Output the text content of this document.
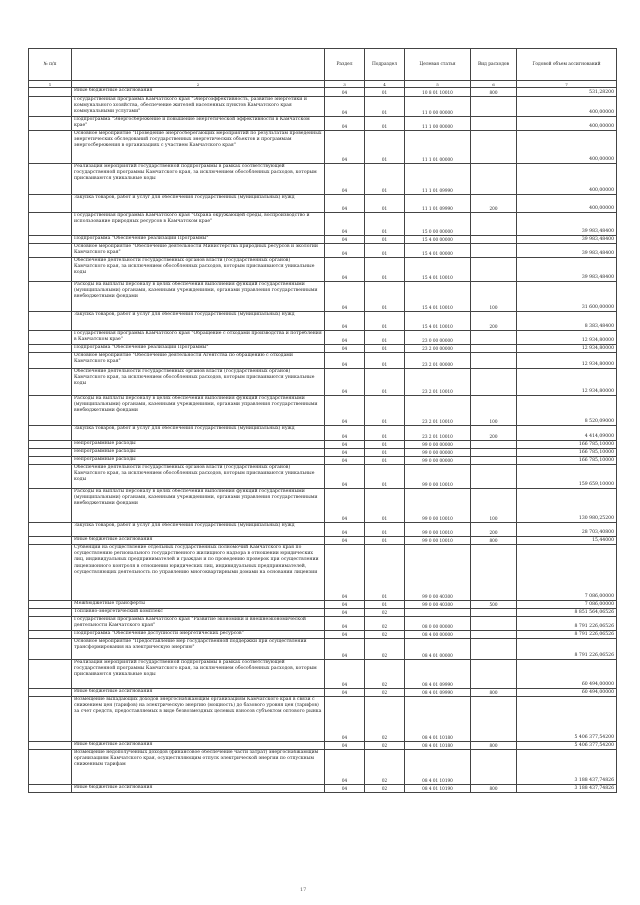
№ п/п		Раздел	Подраздел	Целевая статья	Вид расходов	Годовой объем ассигнований
1	2	3	4	5	6	7
	Иные бюджетные ассигнования	04	01	10 8 01 10010	800	531,28200
	Государственная программа Камчатского края "Энергоэффективность, развитие энергетики и коммунального хозяйства, обеспечение жителей населенных пунктов Камчатского края коммунальными услугами"	04	01	11 0 00 00000		400,00000
	Подпрограмма "Энергосбережение и повышение энергетической эффективности в Камчатском крае"	04	01	11 1 00 00000		400,00000
	Основное мероприятие "Проведение энергосберегающих мероприятий по результатам проведенных энергетических обследований государственных энергетических объектов и программам энергосбережения в организациях с участием Камчатского края"	04	01	11 1 01 00000		400,00000
	Реализация мероприятий государственной подпрограммы в рамках соответствующей государственной программы Камчатского края, за исключением обособленных расходов, которым присваиваются уникальные коды	04	01	11 1 01 09990		400,00000
	Закупка товаров, работ и услуг для обеспечения государственных (муниципальных) нужд	04	01	11 1 01 09990	200	400,00000
	Государственная программа Камчатского края "Охрана окружающей среды, воспроизводство и использование природных ресурсов в Камчатском крае"	04	01	15 0 00 00000		39 983,48400
	Подпрограмма "Обеспечение реализации Программы"	04	01	15 4 00 00000		39 983,48400
	Основное мероприятие "Обеспечение деятельности Министерства природных ресурсов и экологии Камчатского края"	04	01	15 4 01 00000		39 983,48400
	Обеспечение деятельности государственных органов власти (государственных органов) Камчатского края, за исключением обособленных расходов, которым присваиваются уникальные коды	04	01	15 4 01 10010		39 983,48400
	Расходы на выплаты персоналу в целях обеспечения выполнения функций государственными (муниципальными) органами, казенными учреждениями, органами управления государственными внебюджетными фондами	04	01	15 4 01 10010	100	31 600,00000
	Закупка товаров, работ и услуг для обеспечения государственных (муниципальных) нужд	04	01	15 4 01 10010	200	8 383,48400
	Государственная программа Камчатского края "Обращение с отходами производства и потребления в Камчатском крае"	04	01	23 0 00 00000		12 934,80000
	Подпрограмма "Обеспечение реализации Программы"	04	01	23 2 00 00000		12 934,80000
	Основное мероприятие "Обеспечение деятельности Агентства по обращению с отходами Камчатского края"	04	01	23 2 01 00000		12 934,80000
	Обеспечение деятельности государственных органов власти (государственных органов) Камчатского края, за исключением обособленных расходов, которым присваиваются уникальные коды	04	01	23 2 01 10010		12 934,80000
	Расходы на выплаты персоналу в целях обеспечения выполнения функций государственными (муниципальными) органами, казенными учреждениями, органами управления государственными внебюджетными фондами	04	01	23 2 01 10010	100	8 520,09000
	Закупка товаров, работ и услуг для обеспечения государственных (муниципальных) нужд	04	01	23 2 01 10010	200	4 414,09000
	Непрограммные расходы	04	01	99 0 00 00000		166 785,10000
	Непрограммные расходы	04	01	99 0 00 00000		166 785,10000
	Непрограммные расходы	04	01	99 0 00 00000		166 785,10000
	Обеспечение деятельности государственных органов власти (государственных органов) Камчатского края, за исключением обособленных расходов, которым присваиваются уникальные коды	04	01	99 0 00 10010		159 659,10000
	Расходы на выплаты персоналу в целях обеспечения выполнения функций государственными (муниципальными) органами, казенными учреждениями, органами управления государственными внебюджетными фондами	04	01	99 0 00 10010	100	130 980,25200
	Закупка товаров, работ и услуг для обеспечения государственных (муниципальных) нужд	04	01	99 0 00 10010	200	28 703,40800
	Иные бюджетные ассигнования	04	01	99 0 00 10010	800	15,44000
	Субвенции на осуществление отдельных государственных полномочий Камчатского края по осуществлению регионального государственного жилищного надзора в отношении юридических лиц, индивидуальных предпринимателей и граждан и по проведению проверок при осуществлении лицензионного контроля в отношении юридических лиц, индивидуальных предпринимателей, осуществляющих деятельность по управлению многоквартирными домами на основании лицензии	04	01	99 0 00 40300		7 086,00000
	Межбюджетные трансферты	04	01	99 0 00 40300	500	7 086,00000
	Топливно-энергетический комплекс	04	02			8 851 564,06526
	Государственная программа Камчатского края "Развитие экономики и внешнеэкономической деятельности Камчатского края"	04	02	08 0 00 00000		8 791 226,06526
	Подпрограмма "Обеспечение доступности энергетических ресурсов"	04	02	08 4 00 00000		8 791 226,06526
	Основное мероприятие "Предоставление мер государственной поддержки при осуществлении трансформирования на электрическую энергию"	04	02	08 4 01 00000		8 791 226,06526
	Реализация мероприятий государственной подпрограммы в рамках соответствующей государственной программы Камчатского края, за исключением обособленных расходов, которым присваиваются уникальные коды	04	02	08 4 01 09990		60 494,00000
	Иные бюджетные ассигнования	04	02	08 4 01 09990	800	60 494,00000
	Возмещение выпадающих доходов энергоснабжающим организациям Камчатского края в связи с снижением цен (тарифов) на электрическую энергию (мощность) до базового уровня цен (тарифов) за счет средств, предоставляемых в виде безвозмездных целевых взносов субъектом оптового рынка	04	02	08 4 01 10180		5 406 377,54200
	Иные бюджетные ассигнования	04	02	08 4 01 10180	800	5 406 377,54200
	Возмещение недополученных доходов (финансовое обеспечение части затрат) энергоснабжающим организациям Камчатского края, осуществляющим отпуск электрической энергии по отпускным сниженным тарифам	04	02	08 4 01 10190		3 188 437,74826
	Иные бюджетные ассигнования	04	02	08 4 01 10190	800	3 188 437,74826
17
